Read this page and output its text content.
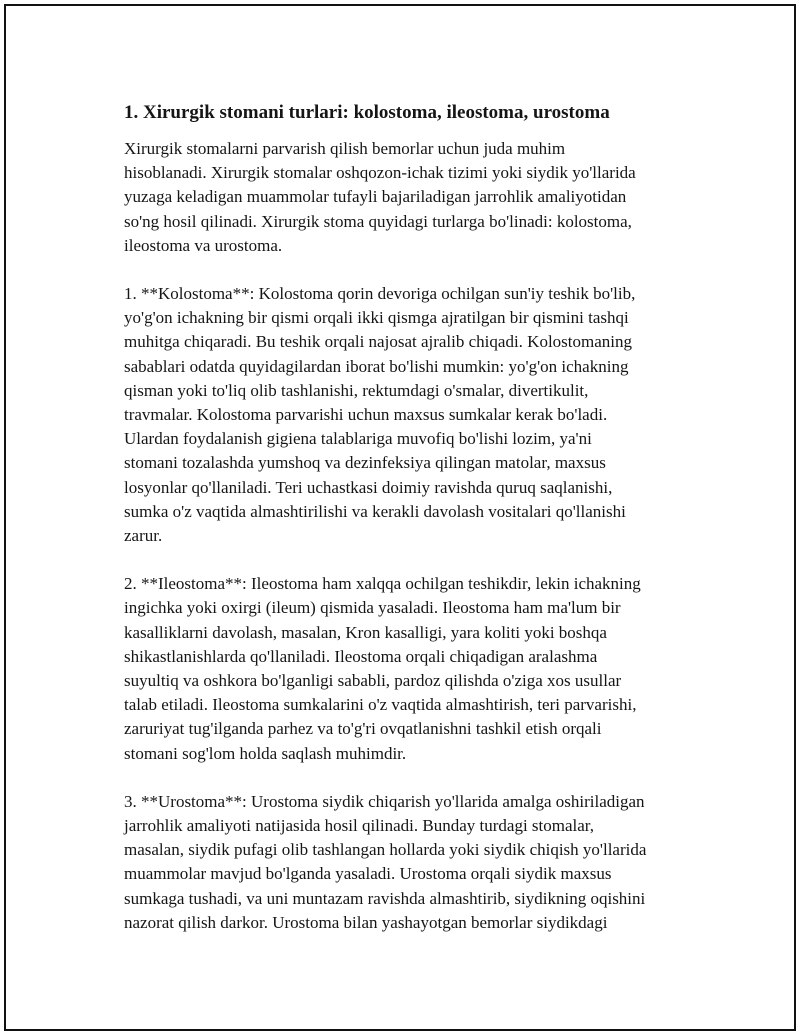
1. Xirurgik stomani turlari: kolostoma, ileostoma, urostoma
Xirurgik stomalarni parvarish qilish bemorlar uchun juda muhim
hisoblanadi. Xirurgik stomalar oshqozon-ichak tizimi yoki siydik yo'llarida
yuzaga keladigan muammolar tufayli bajariladigan jarrohlik amaliyotidan
so'ng hosil qilinadi. Xirurgik stoma quyidagi turlarga bo'linadi: kolostoma,
ileostoma va urostoma.
1. **Kolostoma**: Kolostoma qorin devoriga ochilgan sun'iy teshik bo'lib,
yo'g'on ichakning bir qismi orqali ikki qismga ajratilgan bir qismini tashqi
muhitga chiqaradi. Bu teshik orqali najosat ajralib chiqadi. Kolostomaning
sabablari odatda quyidagilardan iborat bo'lishi mumkin: yo'g'on ichakning
qisman yoki to'liq olib tashlanishi, rektumdagi o'smalar, divertikulit,
travmalar. Kolostoma parvarishi uchun maxsus sumkalar kerak bo'ladi.
Ulardan foydalanish gigiena talablariga muvofiq bo'lishi lozim, ya'ni
stomani tozalashda yumshoq va dezinfeksiya qilingan matolar, maxsus
losyonlar qo'llaniladi. Teri uchastkasi doimiy ravishda quruq saqlanishi,
sumka o'z vaqtida almashtirilishi va kerakli davolash vositalari qo'llanishi
zarur.
2. **Ileostoma**: Ileostoma ham xalqqa ochilgan teshikdir, lekin ichakning
ingichka yoki oxirgi (ileum) qismida yasaladi. Ileostoma ham ma'lum bir
kasalliklarni davolash, masalan, Kron kasalligi, yara koliti yoki boshqa
shikastlanishlarda qo'llaniladi. Ileostoma orqali chiqadigan aralashma
suyultiq va oshkora bo'lganligi sababli, pardoz qilishda o'ziga xos usullar
talab etiladi. Ileostoma sumkalarini o'z vaqtida almashtirish, teri parvarishi,
zaruriyat tug'ilganda parhez va to'g'ri ovqatlanishni tashkil etish orqali
stomani sog'lom holda saqlash muhimdir.
3. **Urostoma**: Urostoma siydik chiqarish yo'llarida amalga oshiriladigan
jarrohlik amaliyoti natijasida hosil qilinadi. Bunday turdagi stomalar,
masalan, siydik pufagi olib tashlangan hollarda yoki siydik chiqish yo'llarida
muammolar mavjud bo'lganda yasaladi. Urostoma orqali siydik maxsus
sumkaga tushadi, va uni muntazam ravishda almashtirib, siydikning oqishini
nazorat qilish darkor. Urostoma bilan yashayotgan bemorlar siydikdagi
